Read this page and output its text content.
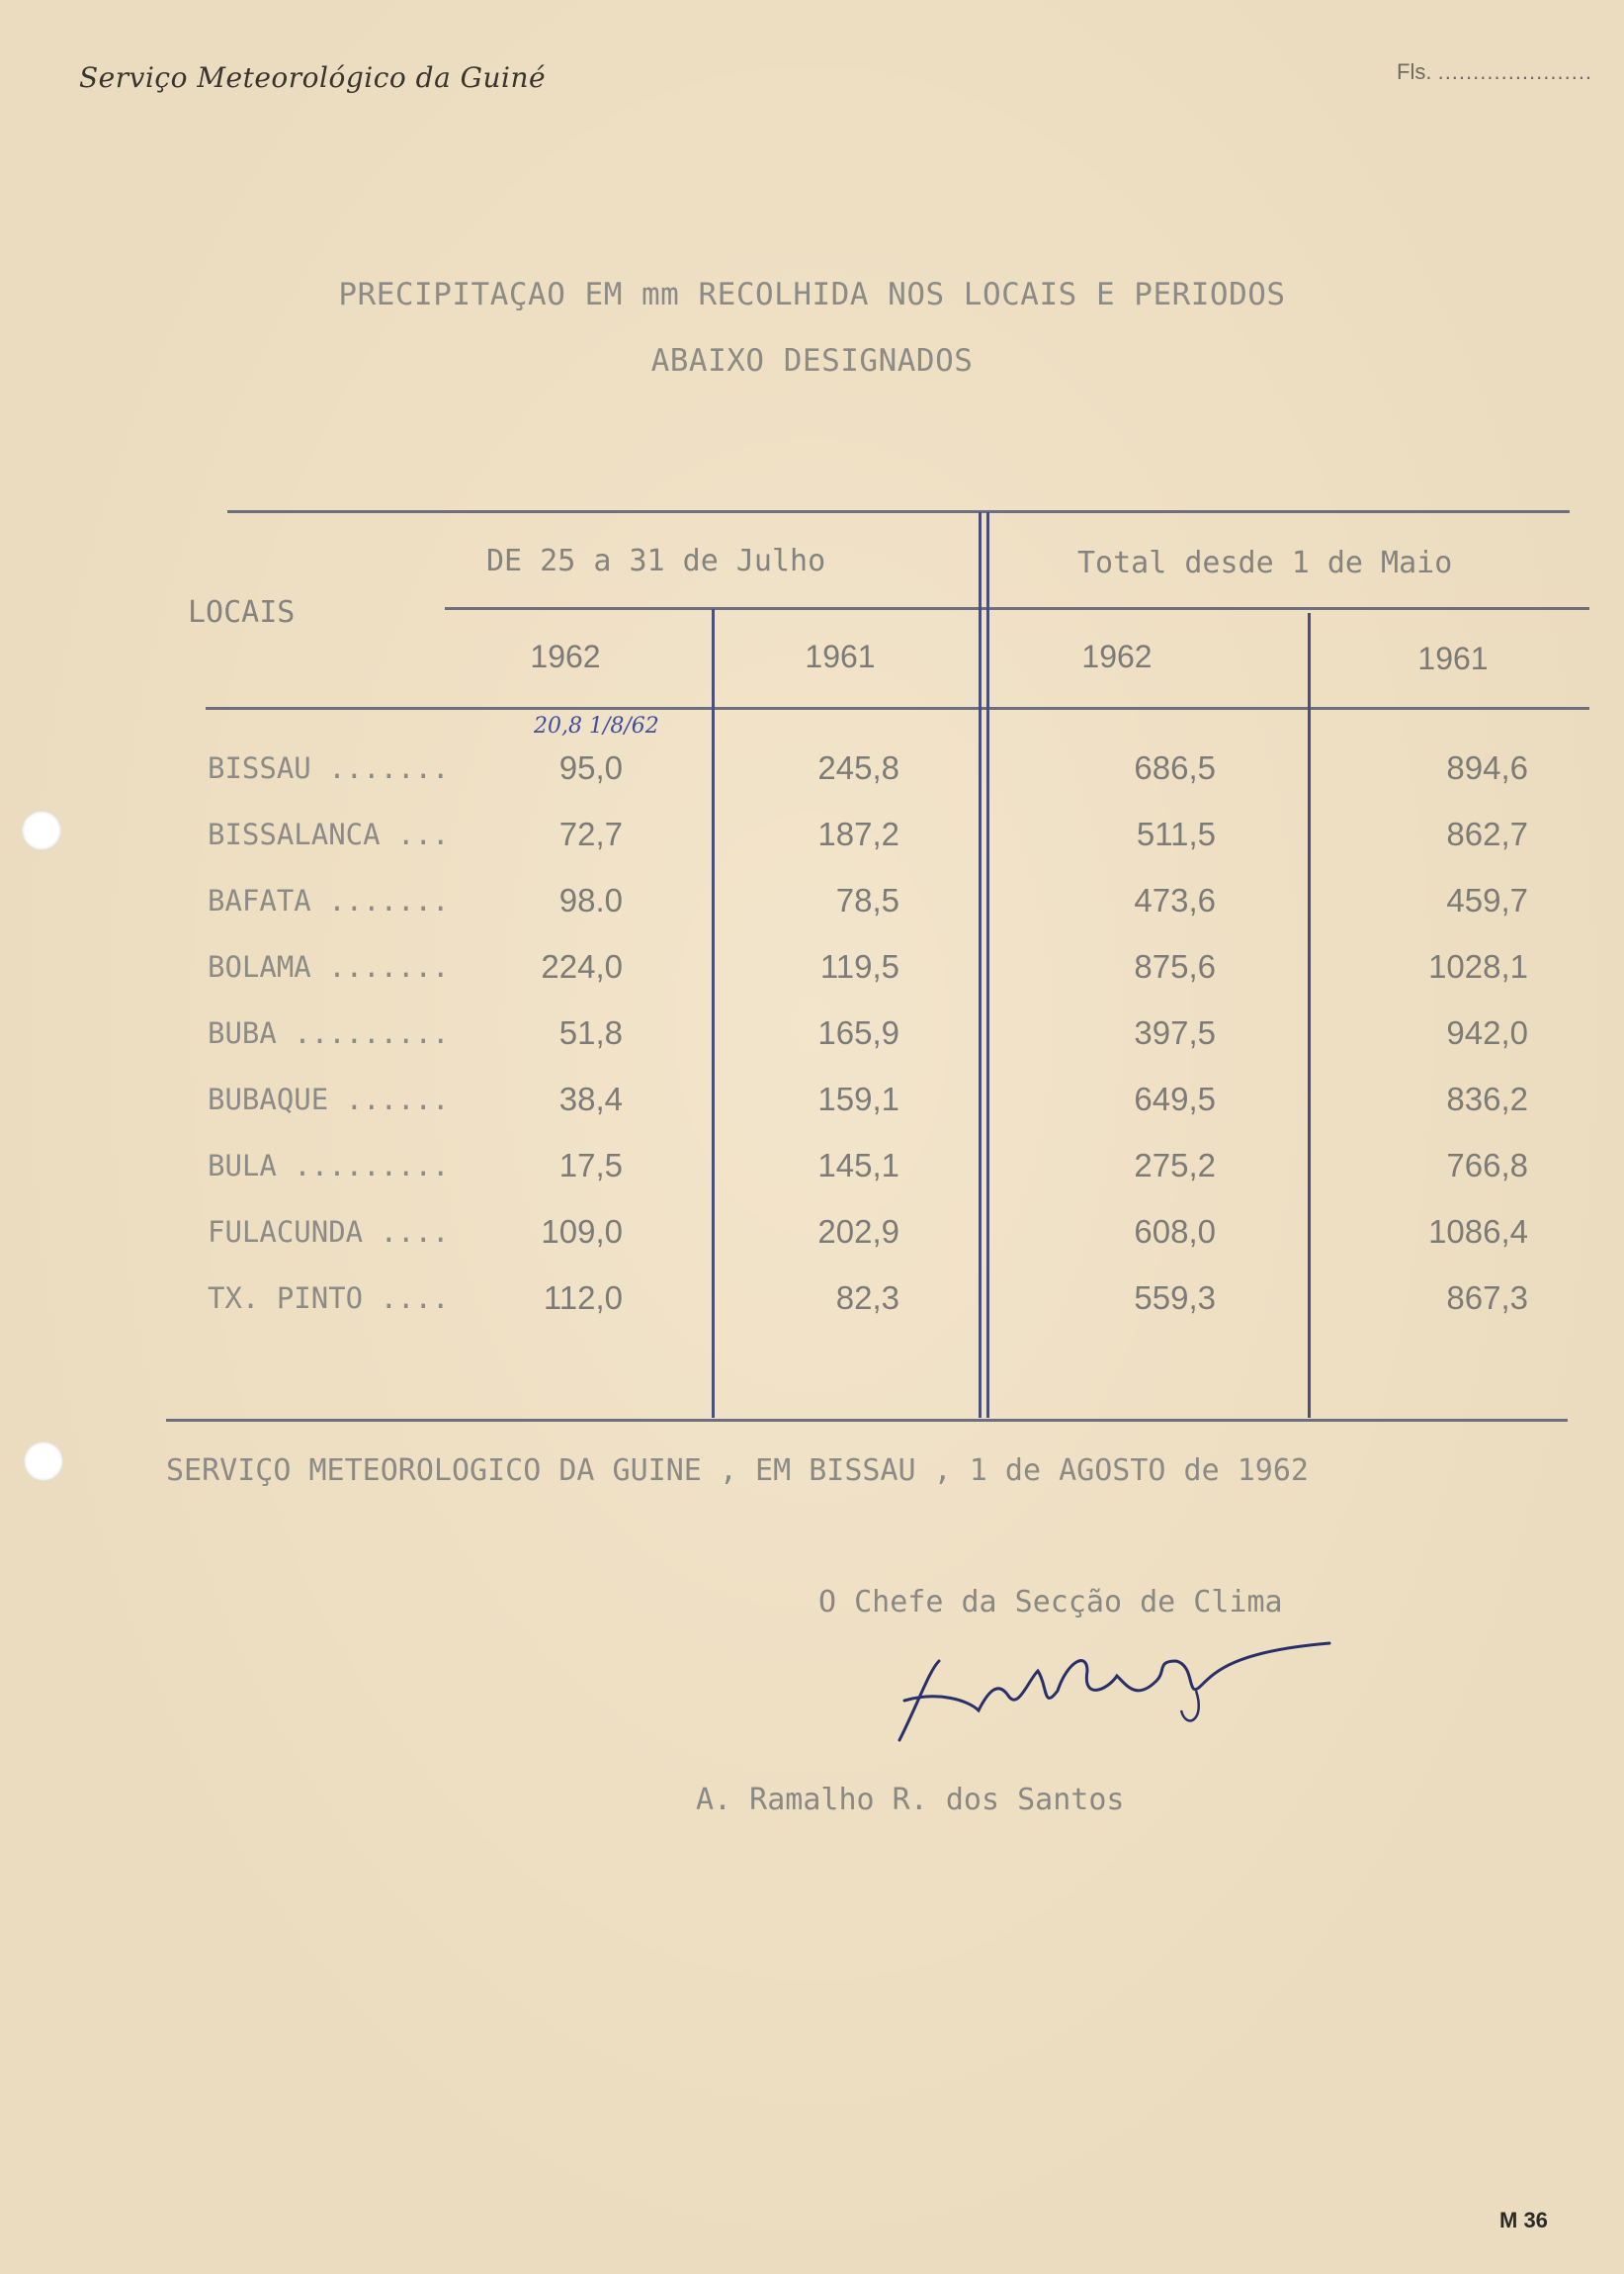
Serviço Meteorológico da Guiné	Fls. ......................
PRECIPITAÇAO EM mm RECOLHIDA NOS LOCAIS E PERIODOS
ABAIXO DESIGNADOS
LOCAIS
DE 25 a 31 de Julho	Total desde 1 de Maio
1962	1961	1962	1961
20,8 1/8/62
BISSAU .......	95,0	245,8	686,5	894,6
BISSALANCA ...	72,7	187,2	511,5	862,7
BAFATA .......	98.0	78,5	473,6	459,7
BOLAMA .......	224,0	119,5	875,6	1028,1
BUBA .........	51,8	165,9	397,5	942,0
BUBAQUE ......	38,4	159,1	649,5	836,2
BULA .........	17,5	145,1	275,2	766,8
FULACUNDA ....	109,0	202,9	608,0	1086,4
TX. PINTO ....	112,0	82,3	559,3	867,3
SERVIÇO METEOROLOGICO DA GUINE , EM BISSAU , 1 de AGOSTO de 1962
O Chefe da Secção de Clima
A. Ramalho R. dos Santos
M 36
